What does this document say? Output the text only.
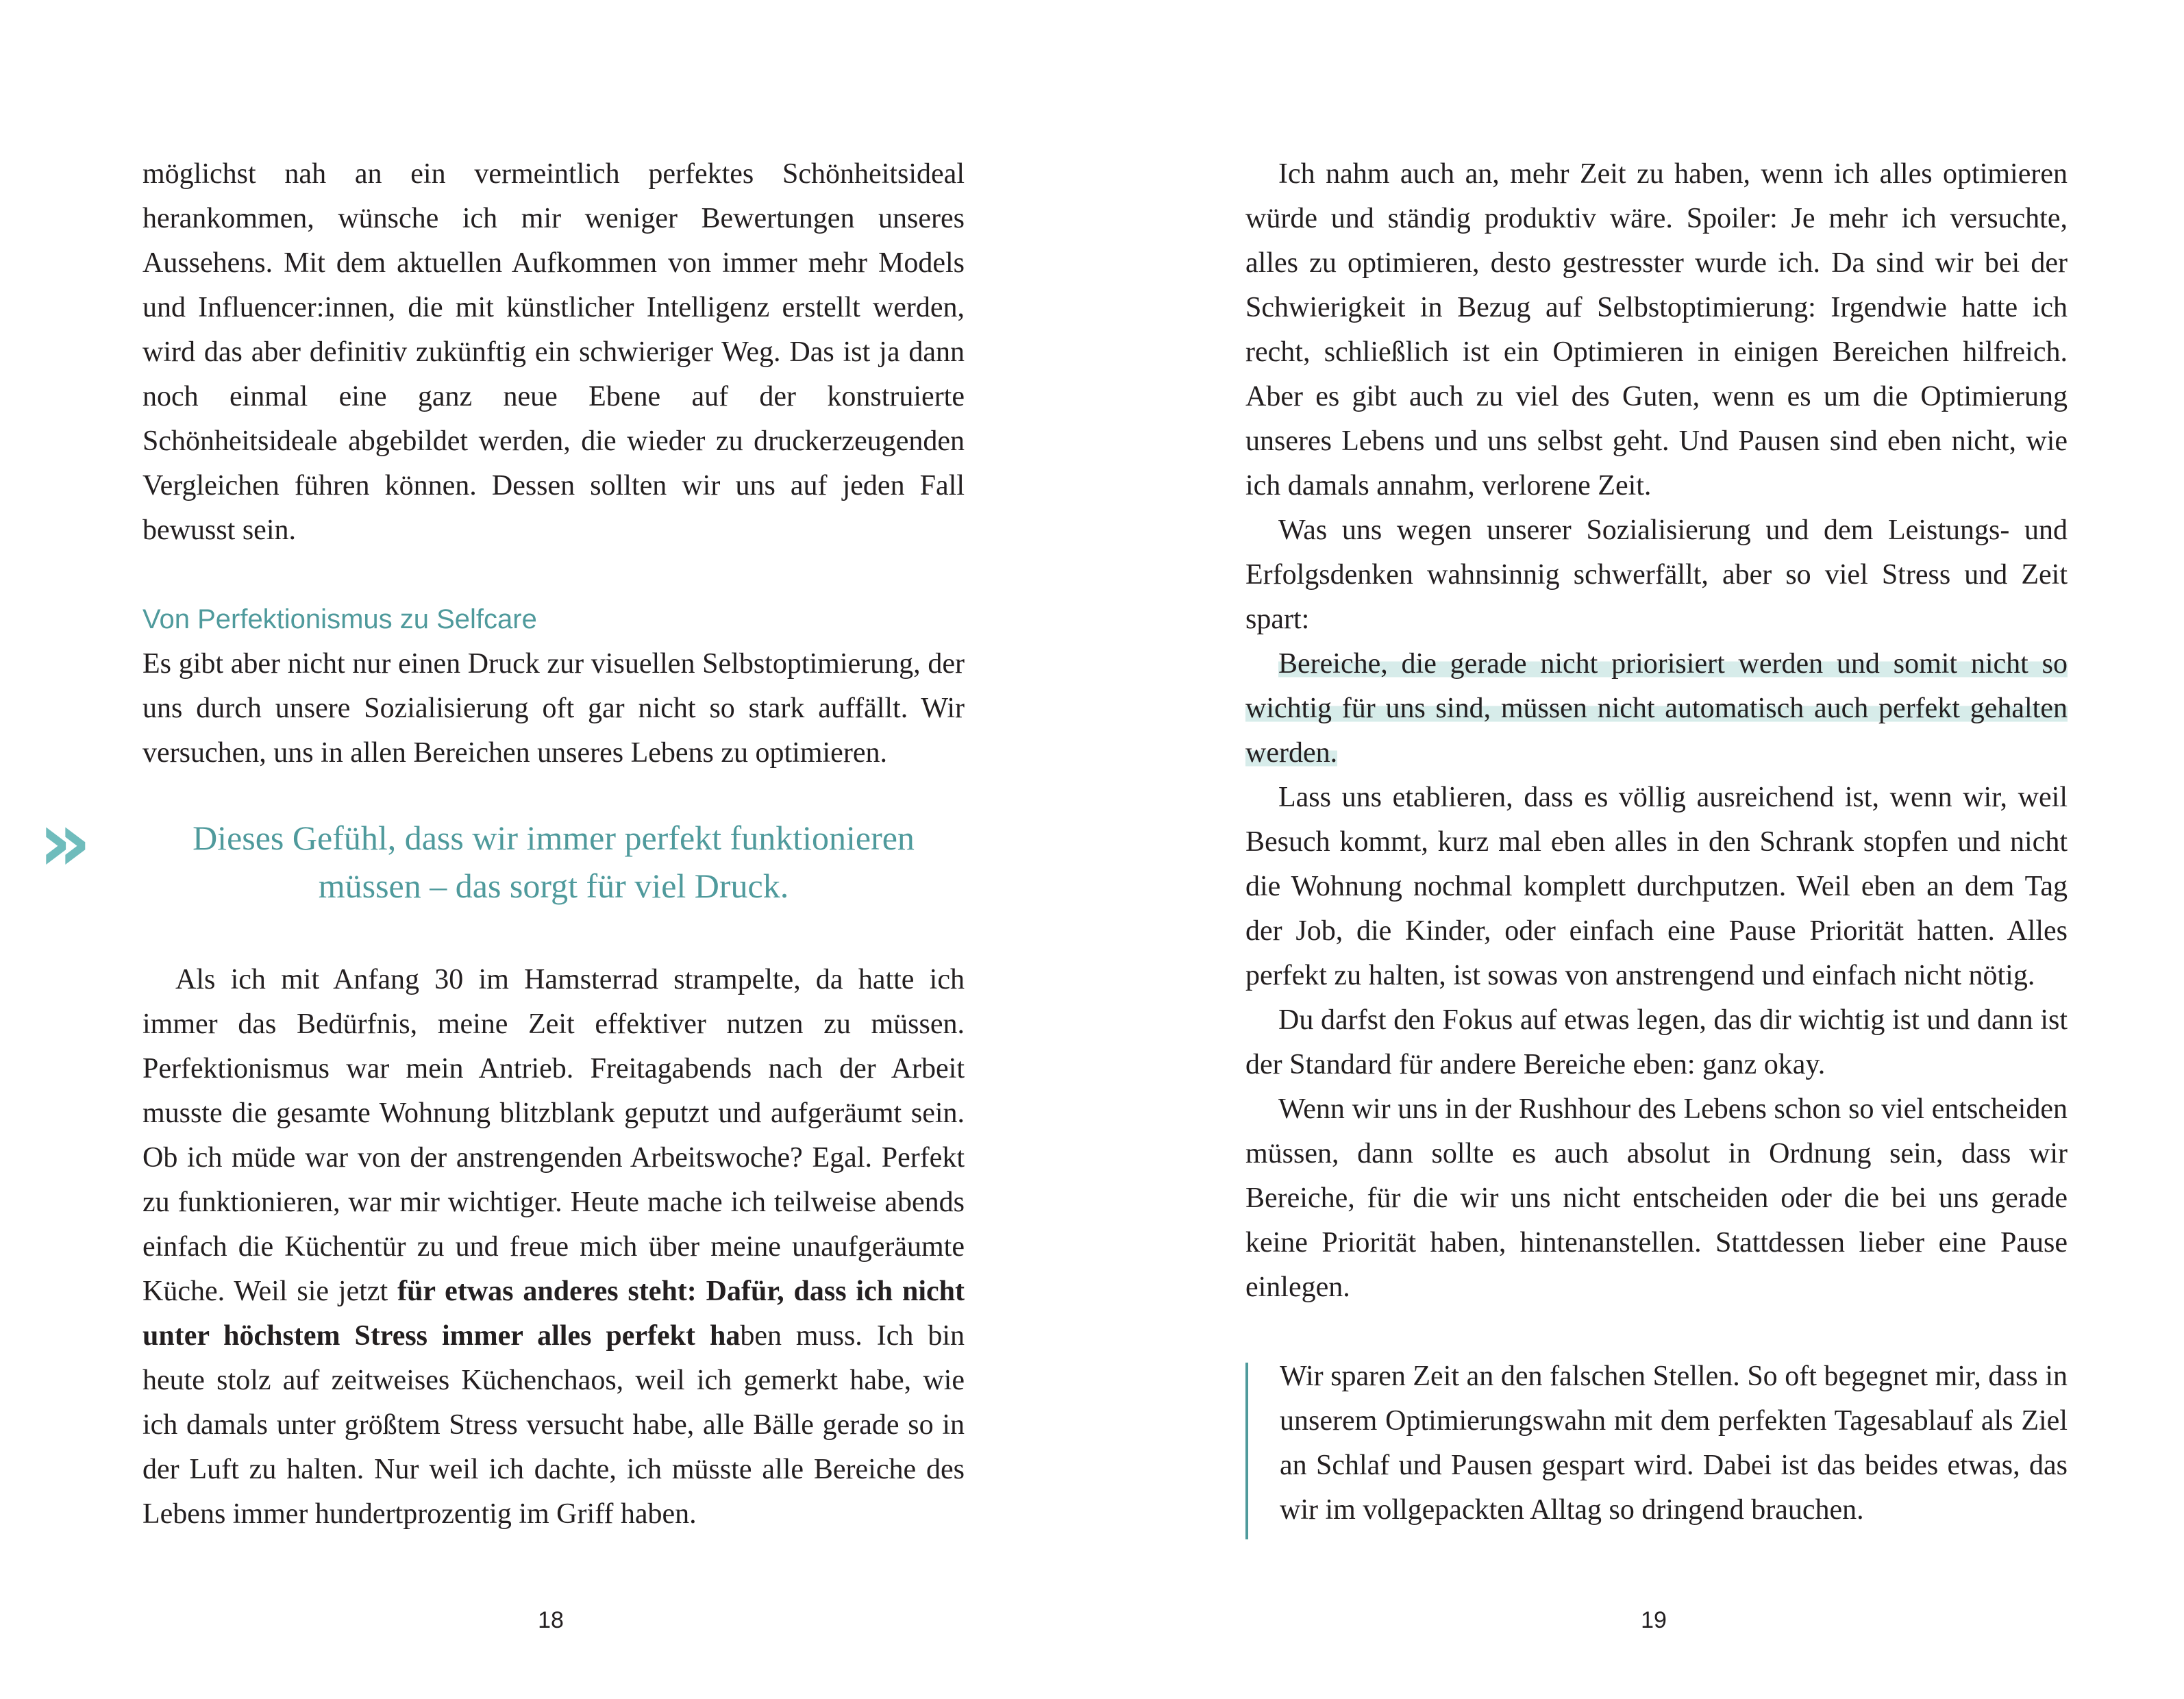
möglichst nah an ein vermeintlich perfektes Schönheitsideal herankommen, wünsche ich mir weniger Bewertungen unseres Aussehens. Mit dem aktuellen Aufkommen von immer mehr Models und Influencer:innen, die mit künstlicher Intelligenz erstellt werden, wird das aber definitiv zukünftig ein schwieriger Weg. Das ist ja dann noch einmal eine ganz neue Ebene auf der konstruierte Schönheitsideale abgebildet werden, die wieder zu druckerzeugenden Vergleichen führen können. Dessen sollten wir uns auf jeden Fall bewusst sein.

Von Perfektionismus zu Selfcare

Es gibt aber nicht nur einen Druck zur visuellen Selbstoptimierung, der uns durch unsere Sozialisierung oft gar nicht so stark auffällt. Wir versuchen, uns in allen Bereichen unseres Lebens zu optimieren.

»	Dieses Gefühl, dass wir immer perfekt funktionieren müssen – das sorgt für viel Druck.

Als ich mit Anfang 30 im Hamsterrad strampelte, da hatte ich immer das Bedürfnis, meine Zeit effektiver nutzen zu müssen. Perfektionismus war mein Antrieb. Freitagabends nach der Arbeit musste die gesamte Wohnung blitzblank geputzt und aufgeräumt sein. Ob ich müde war von der anstrengenden Arbeitswoche? Egal. Perfekt zu funktionieren, war mir wichtiger. Heute mache ich teilweise abends einfach die Küchentür zu und freue mich über meine unaufgeräumte Küche. Weil sie jetzt für etwas anderes steht: Dafür, dass ich nicht unter höchstem Stress immer alles perfekt haben muss. Ich bin heute stolz auf zeitweises Küchenchaos, weil ich gemerkt habe, wie ich damals unter größtem Stress versucht habe, alle Bälle gerade so in der Luft zu halten. Nur weil ich dachte, ich müsste alle Bereiche des Lebens immer hundertprozentig im Griff haben.

18

Ich nahm auch an, mehr Zeit zu haben, wenn ich alles optimieren würde und ständig produktiv wäre. Spoiler: Je mehr ich versuchte, alles zu optimieren, desto gestresster wurde ich. Da sind wir bei der Schwierigkeit in Bezug auf Selbstoptimierung: Irgendwie hatte ich recht, schließlich ist ein Optimieren in einigen Bereichen hilfreich. Aber es gibt auch zu viel des Guten, wenn es um die Optimierung unseres Lebens und uns selbst geht. Und Pausen sind eben nicht, wie ich damals annahm, verlorene Zeit.

Was uns wegen unserer Sozialisierung und dem Leistungs- und Erfolgsdenken wahnsinnig schwerfällt, aber so viel Stress und Zeit spart:

Bereiche, die gerade nicht priorisiert werden und somit nicht so wichtig für uns sind, müssen nicht automatisch auch perfekt gehalten werden.

Lass uns etablieren, dass es völlig ausreichend ist, wenn wir, weil Besuch kommt, kurz mal eben alles in den Schrank stopfen und nicht die Wohnung nochmal komplett durchputzen. Weil eben an dem Tag der Job, die Kinder, oder einfach eine Pause Priorität hatten. Alles perfekt zu halten, ist sowas von anstrengend und einfach nicht nötig.

Du darfst den Fokus auf etwas legen, das dir wichtig ist und dann ist der Standard für andere Bereiche eben: ganz okay.

Wenn wir uns in der Rushhour des Lebens schon so viel entscheiden müssen, dann sollte es auch absolut in Ordnung sein, dass wir Bereiche, für die wir uns nicht entscheiden oder die bei uns gerade keine Priorität haben, hintenanstellen. Stattdessen lieber eine Pause einlegen.

Wir sparen Zeit an den falschen Stellen. So oft begegnet mir, dass in unserem Optimierungswahn mit dem perfekten Tagesablauf als Ziel an Schlaf und Pausen gespart wird. Dabei ist das beides etwas, das wir im vollgepackten Alltag so dringend brauchen.

19
